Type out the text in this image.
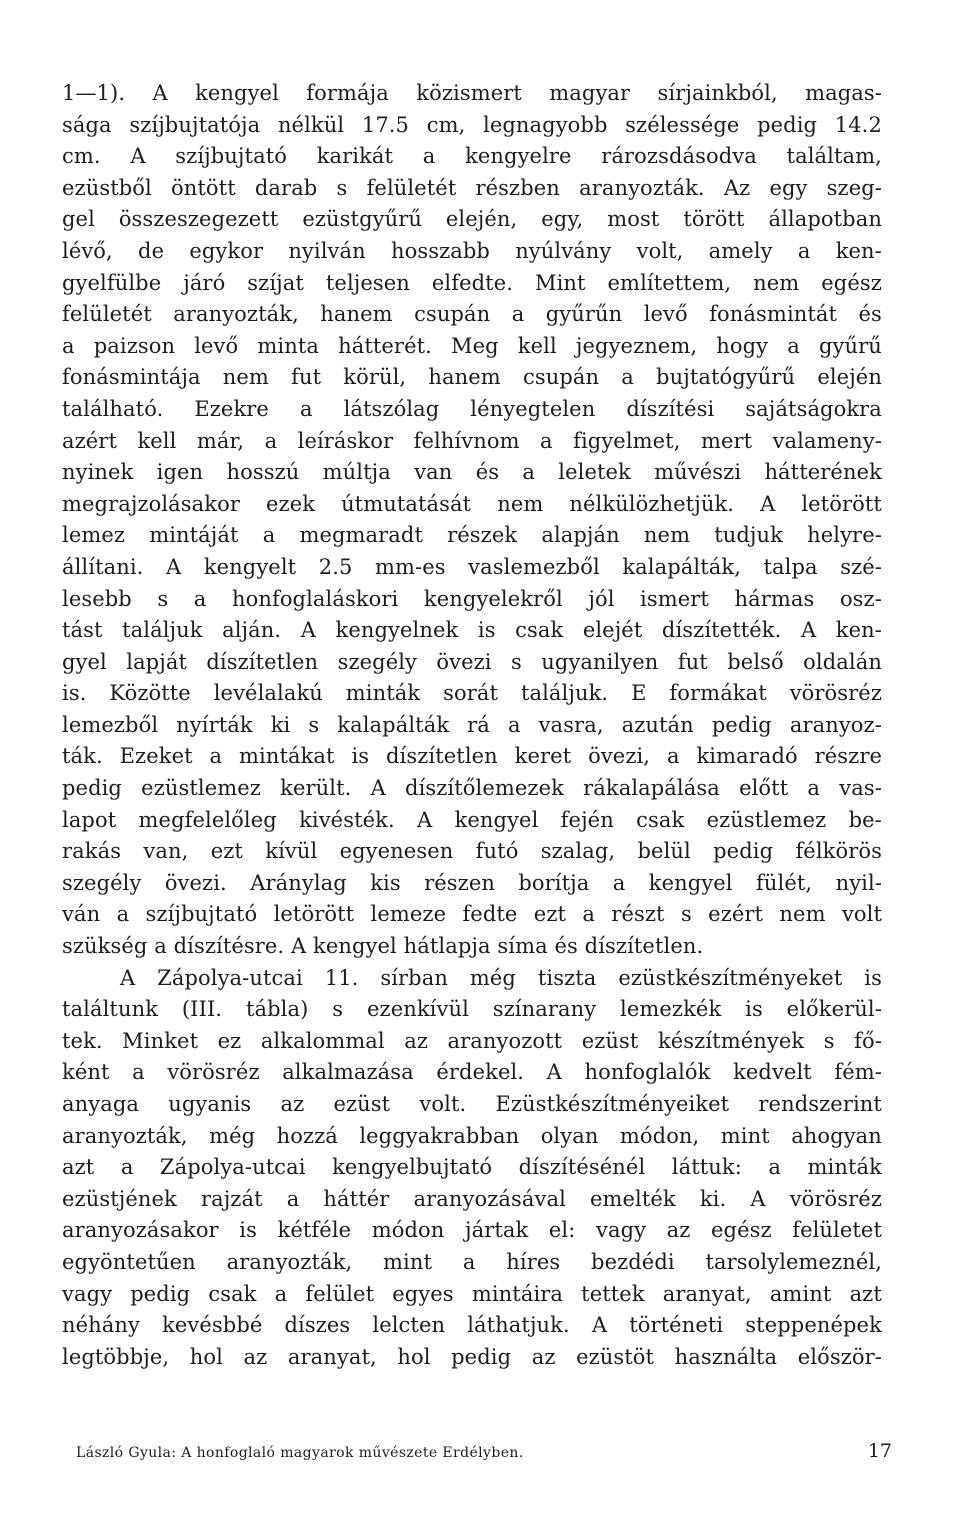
1—1). A kengyel formája közismert magyar sírjainkból, magas-
sága szíjbujtatója nélkül 17.5 cm, legnagyobb szélessége pedig 14.2
cm. A szíjbujtató karikát a kengyelre rározsdásodva találtam,
ezüstből öntött darab s felületét részben aranyozták. Az egy szeg-
gel összeszegezett ezüstgyűrű elején, egy, most törött állapotban
lévő, de egykor nyilván hosszabb nyúlvány volt, amely a ken-
gyelfülbe járó szíjat teljesen elfedte. Mint említettem, nem egész
felületét aranyozták, hanem csupán a gyűrűn levő fonásmintát és
a paizson levő minta hátterét. Meg kell jegyeznem, hogy a gyűrű
fonásmintája nem fut körül, hanem csupán a bujtatógyűrű elején
található. Ezekre a látszólag lényegtelen díszítési sajátságokra
azért kell már, a leíráskor felhívnom a figyelmet, mert valameny-
nyinek igen hosszú múltja van és a leletek művészi hátterének
megrajzolásakor ezek útmutatását nem nélkülözhetjük. A letörött
lemez mintáját a megmaradt részek alapján nem tudjuk helyre-
állítani. A kengyelt 2.5 mm-es vaslemezből kalapálták, talpa szé-
lesebb s a honfoglaláskori kengyelekről jól ismert hármas osz-
tást találjuk alján. A kengyelnek is csak elejét díszítették. A ken-
gyel lapját díszítetlen szegély övezi s ugyanilyen fut belső oldalán
is. Közötte levélalakú minták sorát találjuk. E formákat vörösréz
lemezből nyírták ki s kalapálták rá a vasra, azután pedig aranyoz-
ták. Ezeket a mintákat is díszítetlen keret övezi, a kimaradó részre
pedig ezüstlemez került. A díszítőlemezek rákalapálása előtt a vas-
lapot megfelelőleg kivésték. A kengyel fején csak ezüstlemez be-
rakás van, ezt kívül egyenesen futó szalag, belül pedig félkörös
szegély övezi. Aránylag kis részen borítja a kengyel fülét, nyil-
ván a szíjbujtató letörött lemeze fedte ezt a részt s ezért nem volt
szükség a díszítésre. A kengyel hátlapja síma és díszítetlen.
A Zápolya-utcai 11. sírban még tiszta ezüstkészítményeket is
találtunk (III. tábla) s ezenkívül színarany lemezkék is előkerül-
tek. Minket ez alkalommal az aranyozott ezüst készítmények s fő-
ként a vörösréz alkalmazása érdekel. A honfoglalók kedvelt fém-
anyaga ugyanis az ezüst volt. Ezüstkészítményeiket rendszerint
aranyozták, még hozzá leggyakrabban olyan módon, mint ahogyan
azt a Zápolya-utcai kengyelbujtató díszítésénél láttuk: a minták
ezüstjének rajzát a háttér aranyozásával emelték ki. A vörösréz
aranyozásakor is kétféle módon jártak el: vagy az egész felületet
egyöntetűen aranyozták, mint a híres bezdédi tarsolylemeznél,
vagy pedig csak a felület egyes mintáira tettek aranyat, amint azt
néhány kevésbbé díszes lelcten láthatjuk. A történeti steppenépek
legtöbbje, hol az aranyat, hol pedig az ezüstöt használta először-
László Gyula: A honfoglaló magyarok művészete Erdélyben.	17
